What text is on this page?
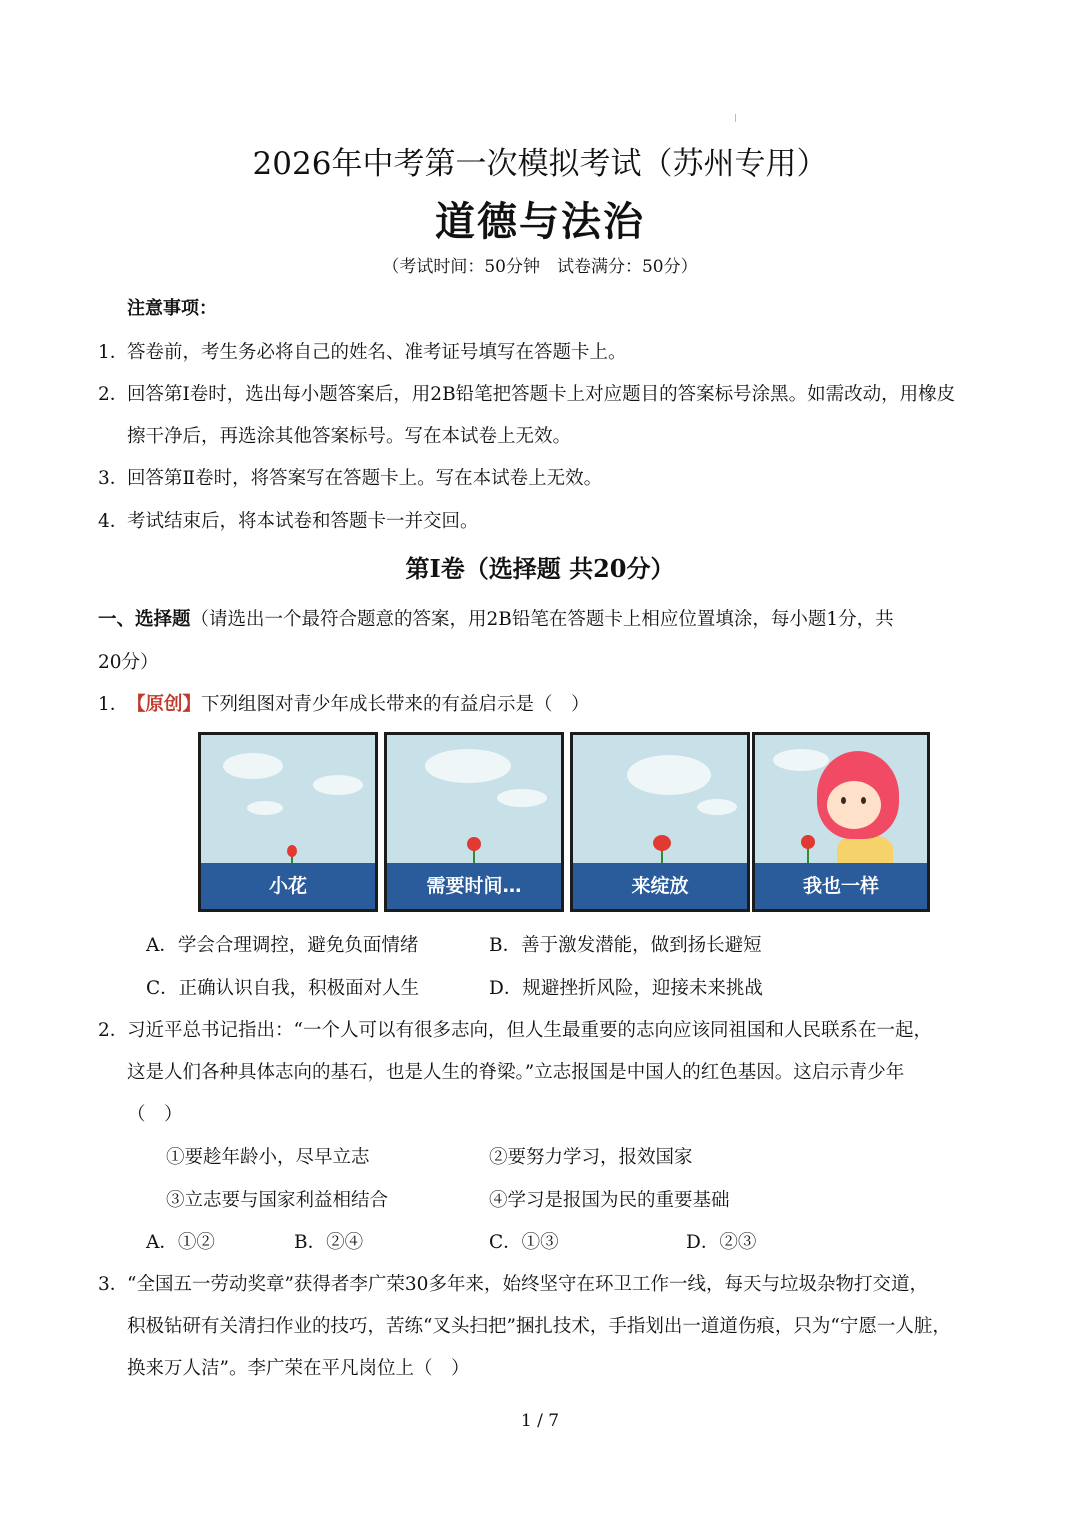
2026年中考第一次模拟考试（苏州专用）
道德与法治
（考试时间：50分钟　试卷满分：50分）
注意事项：
1．
答卷前，考生务必将自己的姓名、准考证号填写在答题卡上。
2．
回答第Ⅰ卷时，选出每小题答案后，用2B铅笔把答题卡上对应题目的答案标号涂黑。如需改动，用橡皮
擦干净后，再选涂其他答案标号。写在本试卷上无效。
3．
回答第Ⅱ卷时，将答案写在答题卡上。写在本试卷上无效。
4．
考试结束后，将本试卷和答题卡一并交回。
第Ⅰ卷（选择题 共20分）
一、选择题（请选出一个最符合题意的答案，用2B铅笔在答题卡上相应位置填涂，每小题1分，共
20分）
1．
【原创】下列组图对青少年成长带来的有益启示是（　）
小花	需要时间…	来绽放	我也一样
A．学会合理调控，避免负面情绪	B．善于激发潜能，做到扬长避短
C．正确认识自我，积极面对人生	D．规避挫折风险，迎接未来挑战
2．
习近平总书记指出：“一个人可以有很多志向，但人生最重要的志向应该同祖国和人民联系在一起，
这是人们各种具体志向的基石，也是人生的脊梁。”立志报国是中国人的红色基因。这启示青少年
（　）
①要趁年龄小，尽早立志	②要努力学习，报效国家
③立志要与国家利益相结合	④学习是报国为民的重要基础
A．①②	B．②④	C．①③	D．②③
3．
“全国五一劳动奖章”获得者李广荣30多年来，始终坚守在环卫工作一线，每天与垃圾杂物打交道，
积极钻研有关清扫作业的技巧，苦练“叉头扫把”捆扎技术，手指划出一道道伤痕，只为“宁愿一人脏，
换来万人洁”。李广荣在平凡岗位上（　）
1 / 7
